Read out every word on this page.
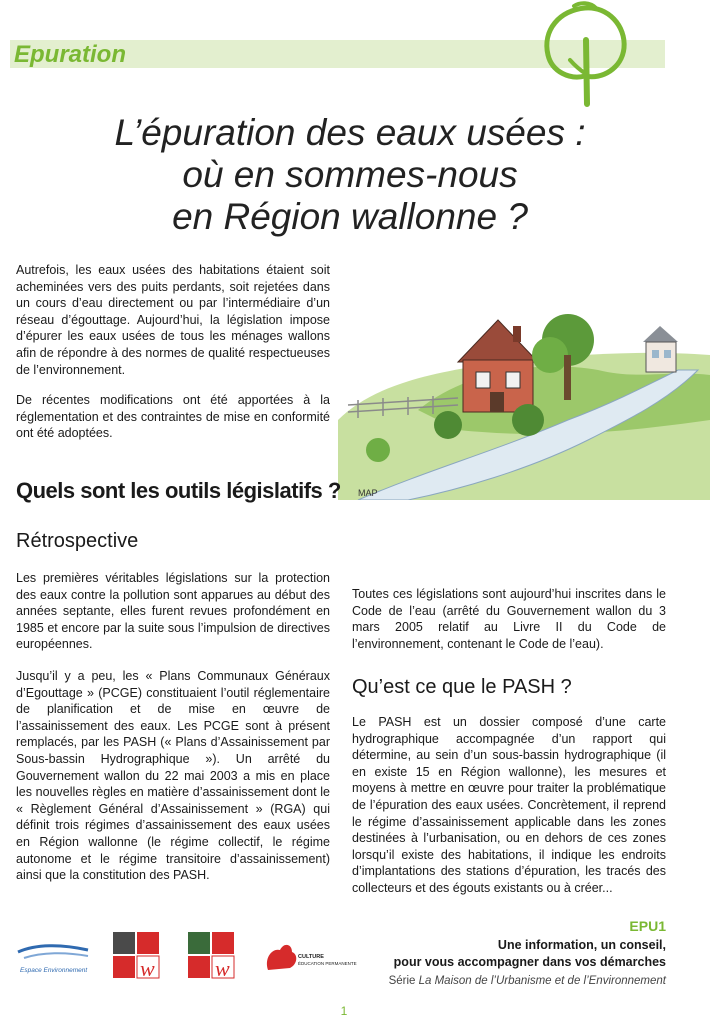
Epuration
L’épuration des eaux usées :
où en sommes-nous
en Région wallonne ?

Autrefois, les eaux usées des habitations étaient soit acheminées vers des puits perdants, soit rejetées dans un cours d’eau directement ou par l’intermédiaire d’un réseau d’égouttage. Aujourd’hui, la législation impose d’épurer les eaux usées de tous les ménages wallons afin de répondre à des normes de qualité respectueuses de l’environnement.

De récentes modifications ont été apportées à la réglementation et des contraintes de mise en conformité ont été adoptées.

MAP
Quels sont les outils législatifs ?
Rétrospective

Les premières véritables législations sur la protection des eaux contre la pollution sont apparues au début des années septante, elles furent revues profondément en 1985 et encore par la suite sous l’impulsion de directives européennes.

Jusqu’il y a peu, les « Plans Communaux Généraux d’Egouttage » (PCGE) constituaient l’outil réglementaire de planification et de mise en œuvre de l’assainissement des eaux. Les PCGE sont à présent remplacés, par les PASH (« Plans d’Assainissement par Sous-bassin Hydrographique »). Un arrêté du Gouvernement wallon du 22 mai 2003 a mis en place les nouvelles règles en matière d’assainissement dont le « Règlement Général d’Assainissement » (RGA) qui définit trois régimes d’assainissement des eaux usées en Région wallonne (le régime collectif, le régime autonome et le régime transitoire d’assainissement) ainsi que la constitution des PASH.

Toutes ces législations sont aujourd’hui inscrites dans le Code de l’eau (arrêté du Gouvernement wallon du 3 mars 2005 relatif au Livre II du Code de l’environnement, contenant le Code de l’eau).

Qu’est ce que le PASH ?

Le PASH est un dossier composé d’une carte hydrographique accompagnée d’un rapport qui détermine, au sein d’un sous-bassin hydrographique (il en existe 15 en Région wallonne), les mesures et moyens à mettre en œuvre pour traiter la problématique de l’épuration des eaux usées. Concrètement, il reprend le régime d’assainissement applicable dans les zones destinées à l’urbanisation, ou en dehors de ces zones lorsqu’il existe des habitations, il indique les endroits d’implantations des stations d’épuration, les tracés des collecteurs et des égouts existants ou à créer...

Espace Environnement w	w	CULTURE
ÉDUCATION PERMANENTE
EPU1
Une information, un conseil,
pour vous accompagner dans vos démarches
Série La Maison de l’Urbanisme et de l’Environnement
1
